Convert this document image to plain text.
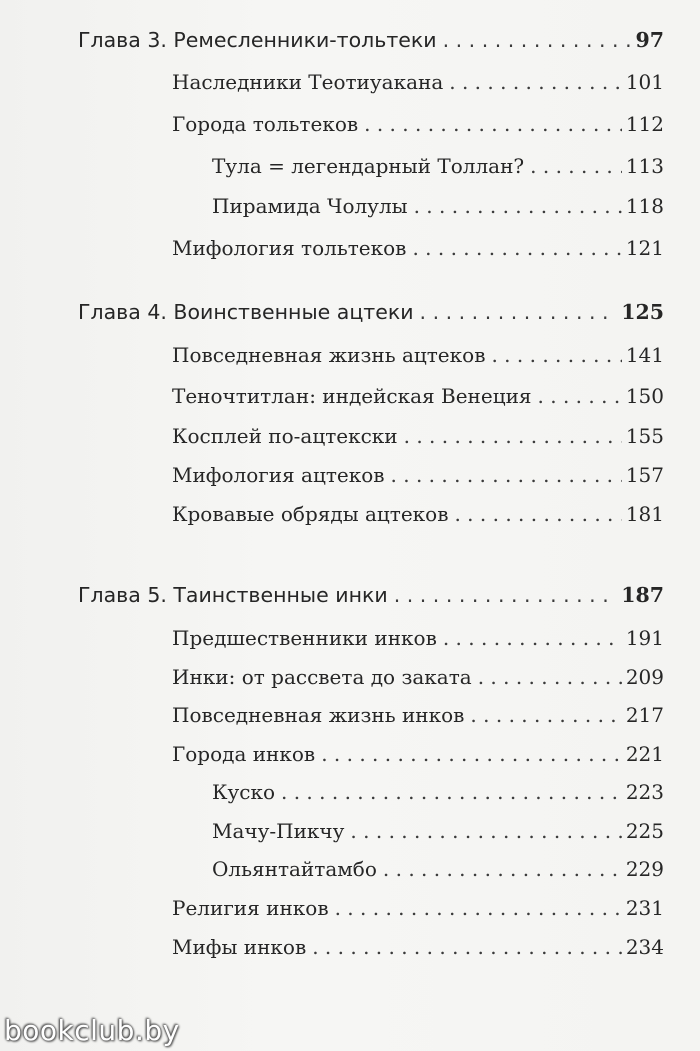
Глава 3. Ремесленники-тольтеки . . .	97
Наследники Теотиуакана . . .	101
Города тольтеков . . .	112
Тула = легендарный Толлан? . . .	113
Пирамида Чолулы . . .	118
Мифология тольтеков . . .	121
Глава 4. Воинственные ацтеки . . .	125
Повседневная жизнь ацтеков . . .	141
Теночтитлан: индейская Венеция . . .	150
Косплей по-ацтекски . . .	155
Мифология ацтеков . . .	157
Кровавые обряды ацтеков . . .	181
Глава 5. Таинственные инки . . .	187
Предшественники инков . . .	191
Инки: от рассвета до заката . . .	209
Повседневная жизнь инков . . .	217
Города инков . . .	221
Куско . . .	223
Мачу-Пикчу . . .	225
Ольянтайтамбо . . .	229
Религия инков . . .	231
Мифы инков . . .	234
bookclub.by
